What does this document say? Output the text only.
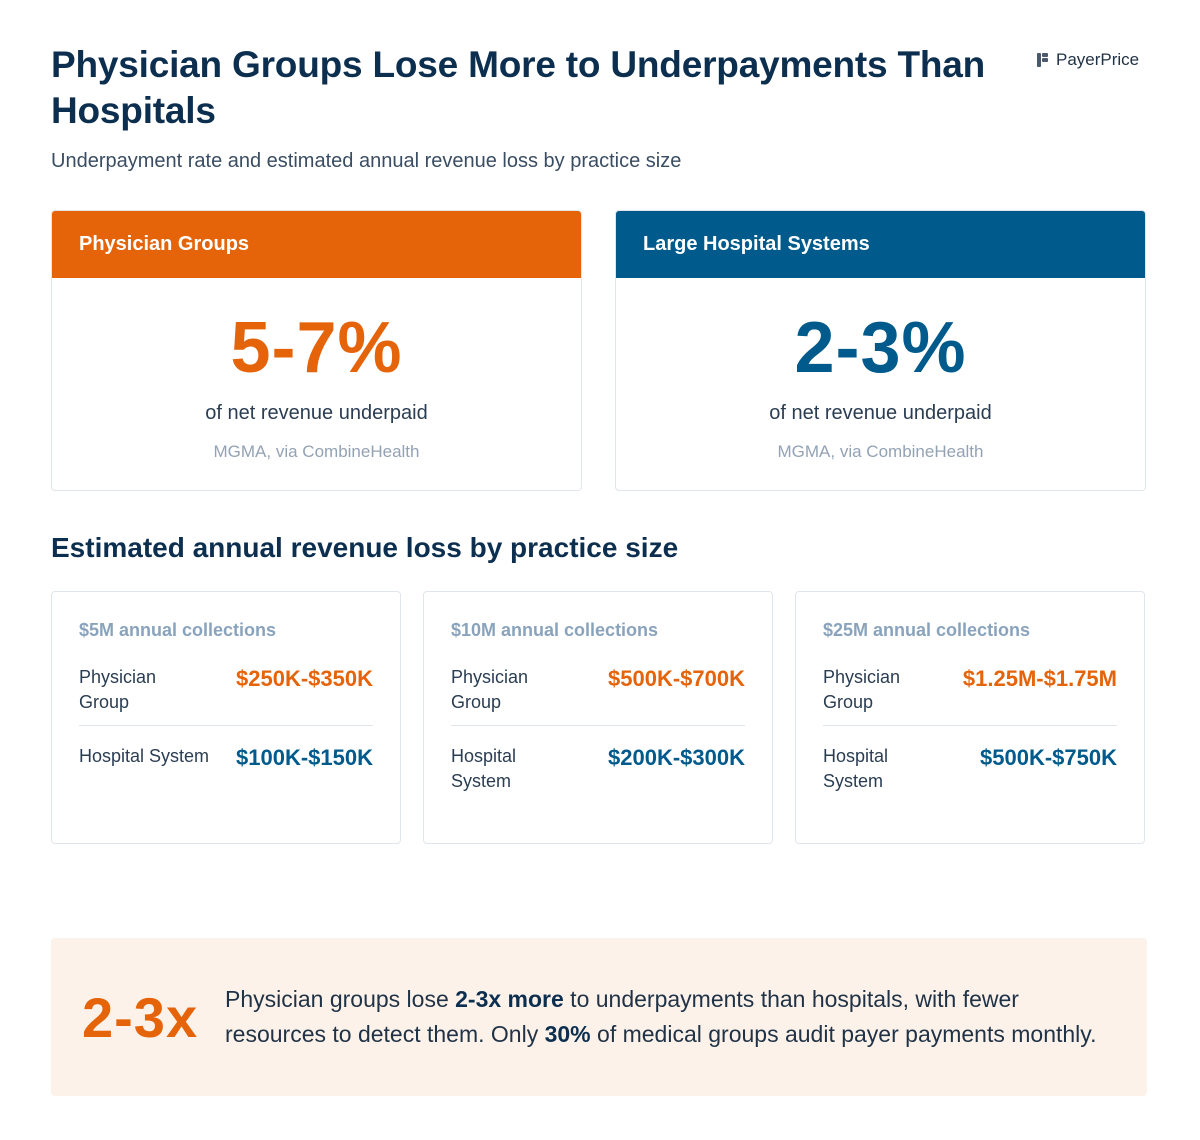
Physician Groups Lose More to Underpayments Than Hospitals

Underpayment rate and estimated annual revenue loss by practice size

PayerPrice
Physician Groups
5-7%
of net revenue underpaid
MGMA, via CombineHealth
Large Hospital Systems
2-3%
of net revenue underpaid
MGMA, via CombineHealth
Estimated annual revenue loss by practice size
$5M annual collections
Physician Group
$250K-$350K
Hospital System $100K-$150K
$10M annual collections
Physician Group
$500K-$700K
Hospital System
$200K-$300K
$25M annual collections
Physician Group
$1.25M-$1.75M
Hospital System
$500K-$750K
2-3x	Physician groups lose 2-3x more to underpayments than hospitals, with fewer resources to detect them. Only 30% of medical groups audit payer payments monthly.
